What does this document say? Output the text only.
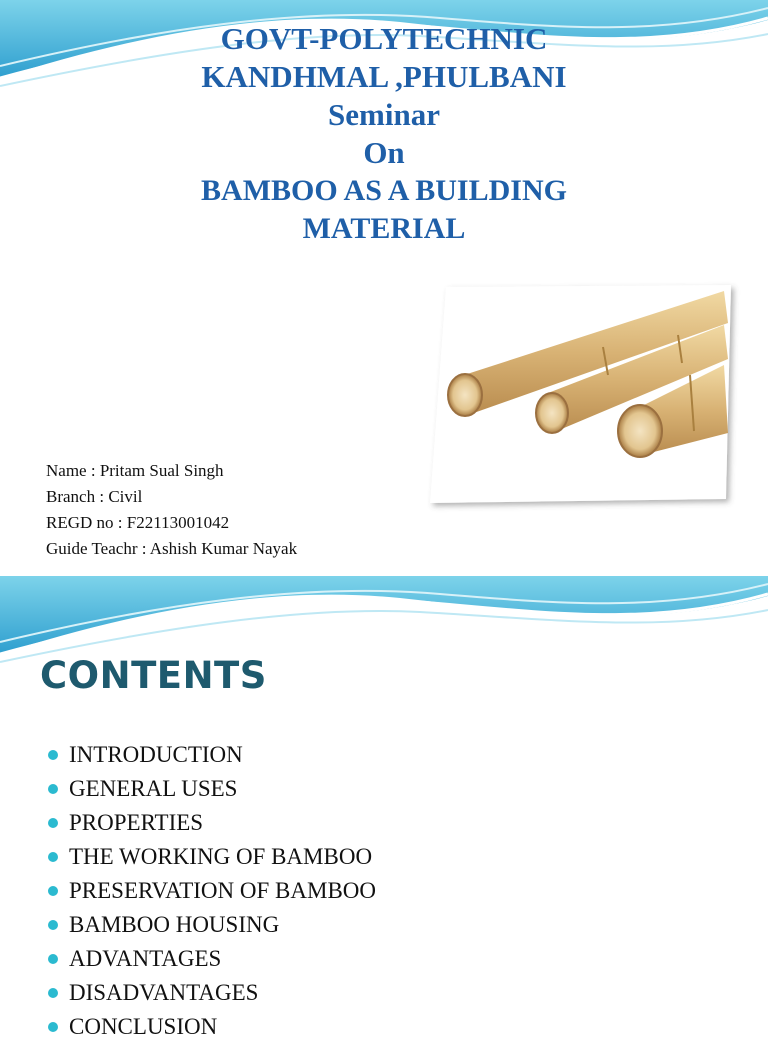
GOVT-POLYTECHNIC
KANDHMAL ,PHULBANI
Seminar
On
BAMBOO AS A BUILDING
MATERIAL
Name : Pritam Sual Singh
Branch : Civil
REGD no : F22113001042
Guide Teachr : Ashish Kumar Nayak
CONTENTS
INTRODUCTION
GENERAL USES
PROPERTIES
THE WORKING OF BAMBOO
PRESERVATION OF BAMBOO
BAMBOO HOUSING
ADVANTAGES
DISADVANTAGES
CONCLUSION
